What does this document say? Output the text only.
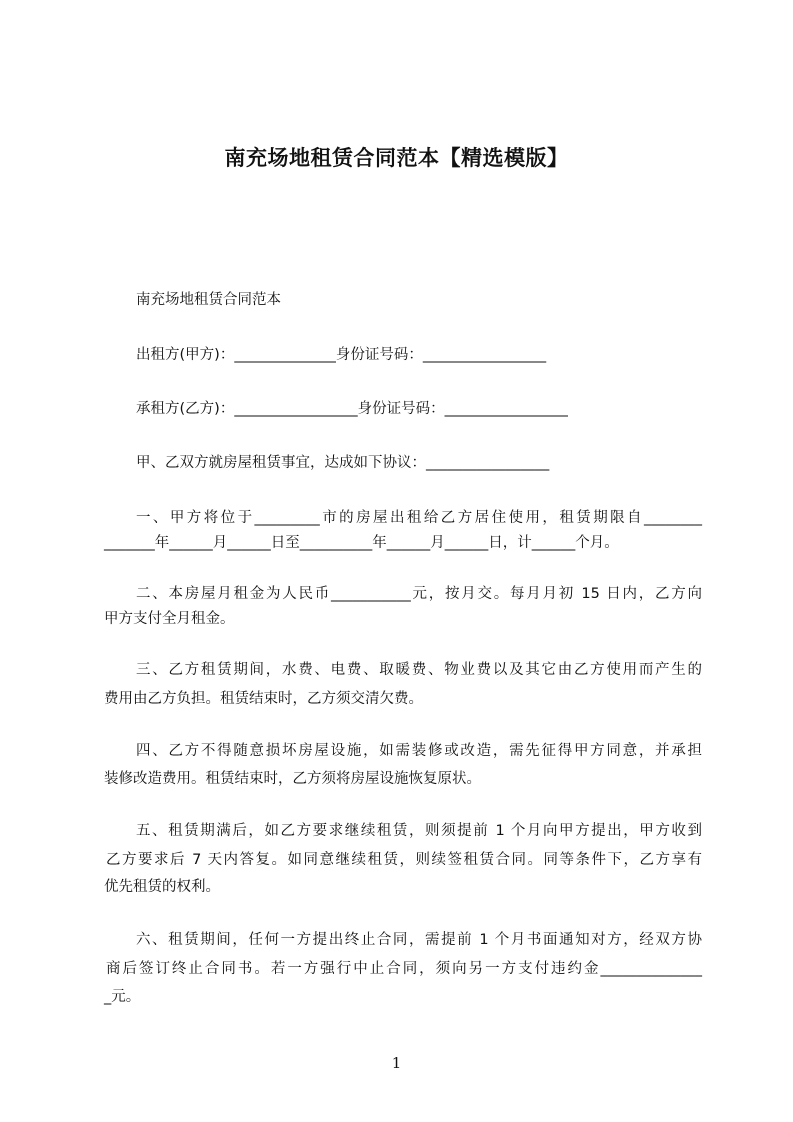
南充场地租赁合同范本【精选模版】

南充场地租赁合同范本

出租方(甲方)：______________身份证号码：_________________

承租方(乙方)：_________________身份证号码：_________________

甲、乙双方就房屋租赁事宜，达成如下协议：_________________

一、甲方将位于_________市的房屋出租给乙方居住使用，租赁期限自________

_______年______月______日至__________年______月______日，计______个月。

二、本房屋月租金为人民币___________元，按月交。每月月初 15 日内，乙方向

甲方支付全月租金。

三、乙方租赁期间，水费、电费、取暖费、物业费以及其它由乙方使用而产生的

费用由乙方负担。租赁结束时，乙方须交清欠费。

四、乙方不得随意损坏房屋设施，如需装修或改造，需先征得甲方同意，并承担

装修改造费用。租赁结束时，乙方须将房屋设施恢复原状。

五、租赁期满后，如乙方要求继续租赁，则须提前 1 个月向甲方提出，甲方收到

乙方要求后 7 天内答复。如同意继续租赁，则续签租赁合同。同等条件下，乙方享有

优先租赁的权利。

六、租赁期间，任何一方提出终止合同，需提前 1 个月书面通知对方，经双方协

商后签订终止合同书。若一方强行中止合同，须向另一方支付违约金______________

_元。

1
